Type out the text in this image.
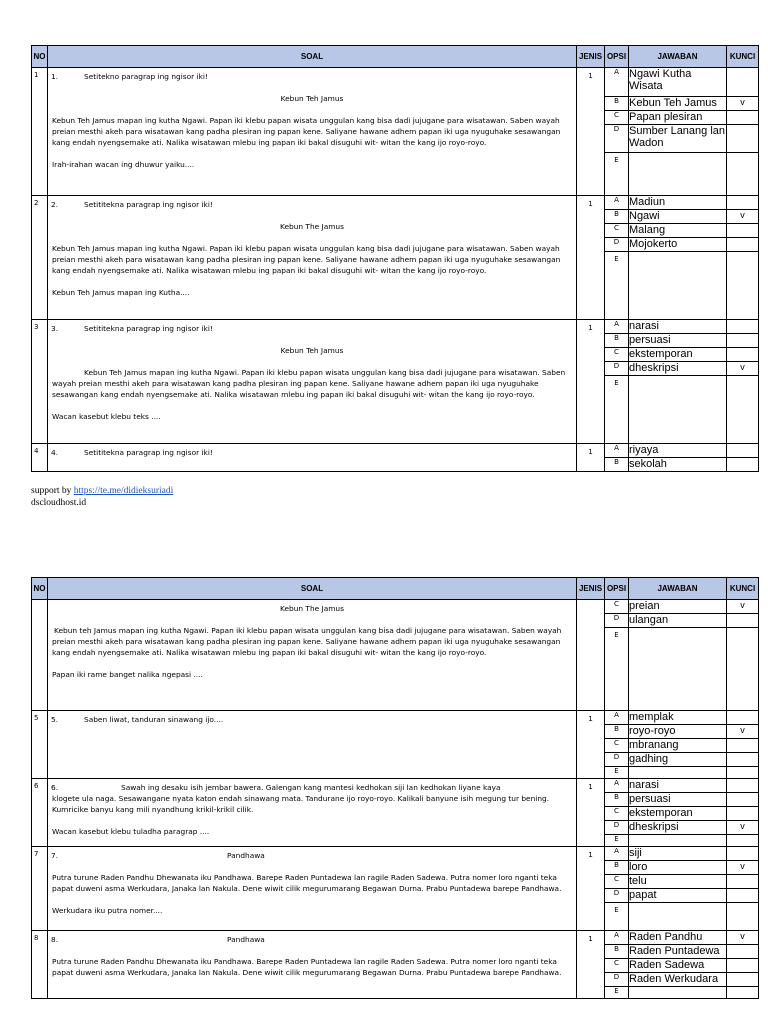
NO	SOAL	JENIS	OPSI	JAWABAN	KUNCI
1	1. Setitekno paragrap ing ngisor iki!
Kebun Teh Jamus
Kebun Teh Jamus mapan ing kutha Ngawi. Papan iki klebu papan wisata unggulan kang bisa dadi jujugane para wisatawan. Saben wayah preian mesthi akeh para wisatawan kang padha plesiran ing papan kene. Saliyane hawane adhem papan iki uga nyuguhake sesawangan kang endah nyengsemake ati. Nalika wisatawan mlebu ing papan iki bakal disuguhi wit- witan the kang ijo royo-royo.
Irah-irahan wacan ing dhuwur yaiku....	1	A	Ngawi Kutha Wisata	
			B	Kebun Teh Jamus	v
			C	Papan plesiran	
			D	Sumber Lanang lan Wadon	
			E		
2	2. Setititekna paragrap ing ngisor iki!
Kebun The Jamus
Kebun Teh Jamus mapan ing kutha Ngawi. Papan iki klebu papan wisata unggulan kang bisa dadi jujugane para wisatawan. Saben wayah preian mesthi akeh para wisatawan kang padha plesiran ing papan kene. Saliyane hawane adhem papan iki uga nyuguhake sesawangan kang endah nyengsemake ati. Nalika wisatawan mlebu ing papan iki bakal disuguhi wit- witan the kang ijo royo-royo.
Kebun Teh Jamus mapan ing Kutha....	1	A	Madiun	
			B	Ngawi	v
			C	Malang	
			D	Mojokerto	
			E		
3	3. Setititekna paragrap ing ngisor iki!
Kebun Teh Jamus
Kebun Teh Jamus mapan ing kutha Ngawi. Papan iki klebu papan wisata unggulan kang bisa dadi jujugane para wisatawan. Saben wayah preian mesthi akeh para wisatawan kang padha plesiran ing papan kene. Saliyane hawane adhem papan iki uga nyuguhake sesawangan kang endah nyengsemake ati. Nalika wisatawan mlebu ing papan iki bakal disuguhi wit- witan the kang ijo royo-royo.
Wacan kasebut klebu teks ....	1	A	narasi	
			B	persuasi	
			C	ekstemporan	
			D	dheskripsi	v
			E		
4	4. Setititekna paragrap ing ngisor iki!	1	A	riyaya	
			B	sekolah	
support by https://te.me/didieksuriadi
dscloudhost.id
NO	SOAL	JENIS	OPSI	JAWABAN	KUNCI

	Kebun The Jamus
Kebun teh Jamus mapan ing kutha Ngawi. Papan iki klebu papan wisata unggulan kang bisa dadi jujugane para wisatawan. Saben wayah preian mesthi akeh para wisatawan kang padha plesiran ing papan kene. Saliyane hawane adhem papan iki uga nyuguhake sesawangan kang endah nyengsemake ati. Nalika wisatawan mlebu ing papan iki bakal disuguhi wit- witan the kang ijo royo-royo.
Papan iki rame banget nalika ngepasi ....		C	preian	v
			D	ulangan	
			E		
5	5. Saben liwat, tanduran sinawang ijo....	1	A	memplak	
			B	royo-royo	v
			C	mbranang	
			D	gadhing	
			E		
6	6. Sawah ing desaku isih jembar bawera. Galengan kang mantesi kedhokan siji lan kedhokan liyane kaya
klogete ula naga. Sesawangane nyata katon endah sinawang mata. Tandurane ijo royo-royo. Kalikali banyune isih megung tur bening. Kumricike banyu kang mili nyandhung krikil-krikil cilik.
Wacan kasebut klebu tuladha paragrap ....	1	A	narasi	
			B	persuasi	
			C	ekstemporan	
			D	dheskripsi	v
			E		
7	7. Pandhawa
Putra turune Raden Pandhu Dhewanata iku Pandhawa. Barepe Raden Puntadewa lan ragile Raden Sadewa. Putra nomer loro nganti teka papat duweni asma Werkudara, Janaka lan Nakula. Dene wiwit cilik megurumarang Begawan Durna. Prabu Puntadewa barepe Pandhawa.
Werkudara iku putra nomer....	1	A	siji	
			B	loro	v
			C	telu	
			D	papat	
			E		
8	8. Pandhawa
Putra turune Raden Pandhu Dhewanata iku Pandhawa. Barepe Raden Puntadewa lan ragile Raden Sadewa. Putra nomer loro nganti teka papat duweni asma Werkudara, Janaka lan Nakula. Dene wiwit cilik megurumarang Begawan Durna. Prabu Puntadewa barepe Pandhawa.	1	A	Raden Pandhu	v
			B	Raden Puntadewa	
			C	Raden Sadewa	
			D	Raden Werkudara	
			E		
